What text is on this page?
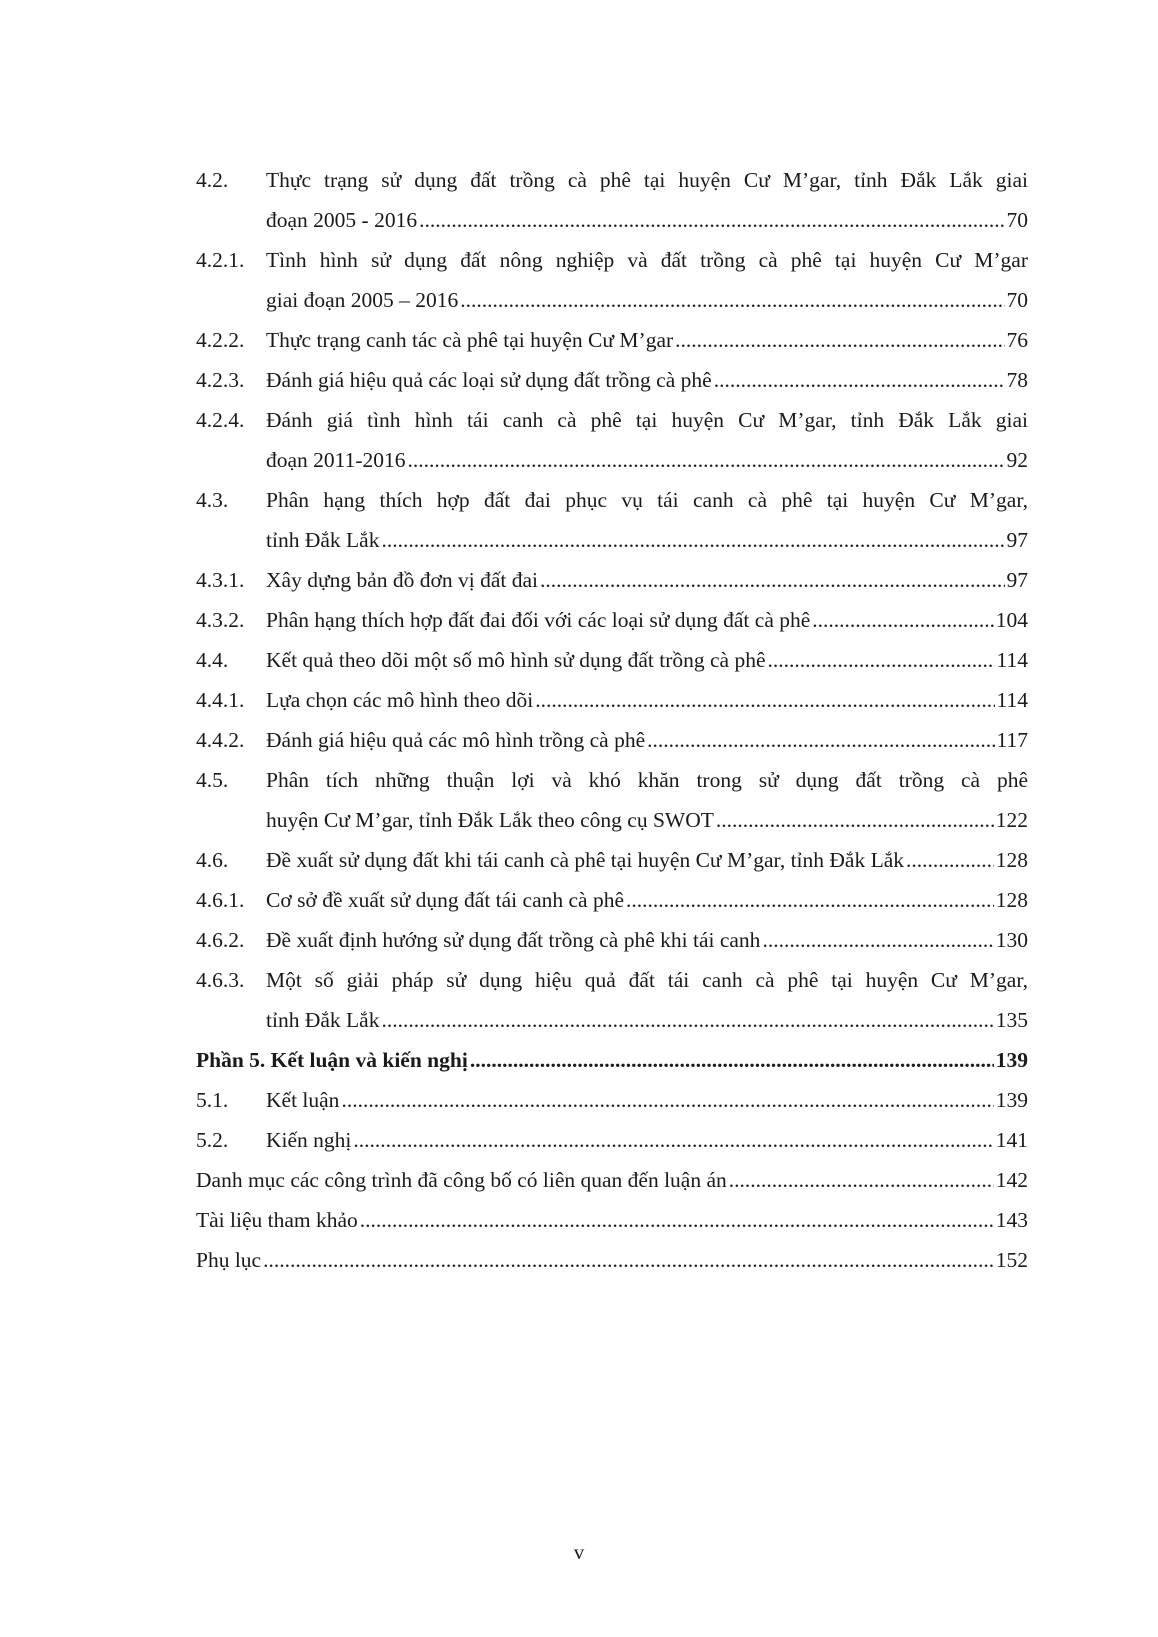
4.2.	Thực trạng sử dụng đất trồng cà phê tại huyện Cư M’gar, tỉnh Đắk Lắk giai
đoạn 2005 - 2016 .....	70
4.2.1.	Tình hình sử dụng đất nông nghiệp và đất trồng cà phê tại huyện Cư M’gar
giai đoạn 2005 – 2016 .....	70
4.2.2.	Thực trạng canh tác cà phê tại huyện Cư M’gar .....	76
4.2.3.	Đánh giá hiệu quả các loại sử dụng đất trồng cà phê .....	78
4.2.4.	Đánh giá tình hình tái canh cà phê tại huyện Cư M’gar, tỉnh Đắk Lắk giai
đoạn 2011-2016 .....	92
4.3.	Phân hạng thích hợp đất đai phục vụ tái canh cà phê tại huyện Cư M’gar,
tỉnh Đắk Lắk .....	97
4.3.1.	Xây dựng bản đồ đơn vị đất đai .....	97
4.3.2.	Phân hạng thích hợp đất đai đối với các loại sử dụng đất cà phê .....	104
4.4.	Kết quả theo dõi một số mô hình sử dụng đất trồng cà phê .....	114
4.4.1.	Lựa chọn các mô hình theo dõi .....	114
4.4.2.	Đánh giá hiệu quả các mô hình trồng cà phê .....	117
4.5.	Phân tích những thuận lợi và khó khăn trong sử dụng đất trồng cà phê
huyện Cư M’gar, tỉnh Đắk Lắk theo công cụ SWOT .....	122
4.6.	Đề xuất sử dụng đất khi tái canh cà phê tại huyện Cư M’gar, tỉnh Đắk Lắk .....	128
4.6.1.	Cơ sở đề xuất sử dụng đất tái canh cà phê .....	128
4.6.2.	Đề xuất định hướng sử dụng đất trồng cà phê khi tái canh .....	130
4.6.3.	Một số giải pháp sử dụng hiệu quả đất tái canh cà phê tại huyện Cư M’gar,
tỉnh Đắk Lắk .....	135
Phần 5. Kết luận và kiến nghị .....	139
5.1.	Kết luận .....	139
5.2.	Kiến nghị .....	141
Danh mục các công trình đã công bố có liên quan đến luận án .....	142
Tài liệu tham khảo .....	143
Phụ lục .....	152
v
